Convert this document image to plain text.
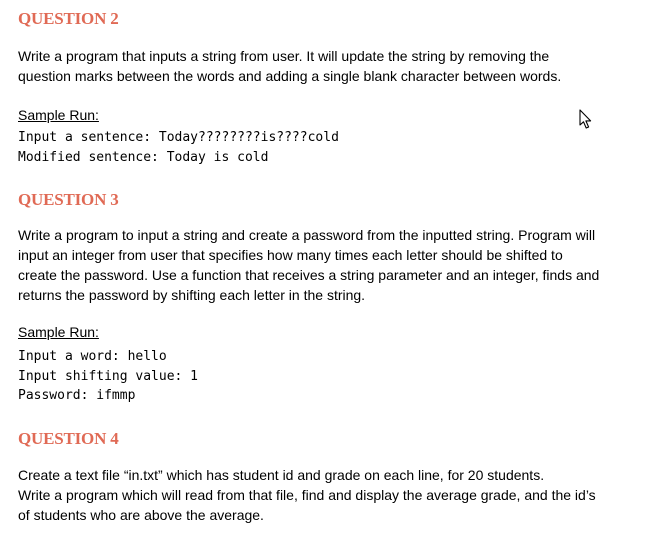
QUESTION 2

Write a program that inputs a string from user. It will update the string by removing the

question marks between the words and adding a single blank character between words.

Sample Run:

Input a sentence: Today????????is????cold

Modified sentence: Today is cold

QUESTION 3

Write a program to input a string and create a password from the inputted string. Program will

input an integer from user that specifies how many times each letter should be shifted to

create the password. Use a function that receives a string parameter and an integer, finds and

returns the password by shifting each letter in the string.

Sample Run:

Input a word: hello

Input shifting value: 1

Password: ifmmp

QUESTION 4

Create a text file “in.txt” which has student id and grade on each line, for 20 students.

Write a program which will read from that file, find and display the average grade, and the id’s

of students who are above the average.
